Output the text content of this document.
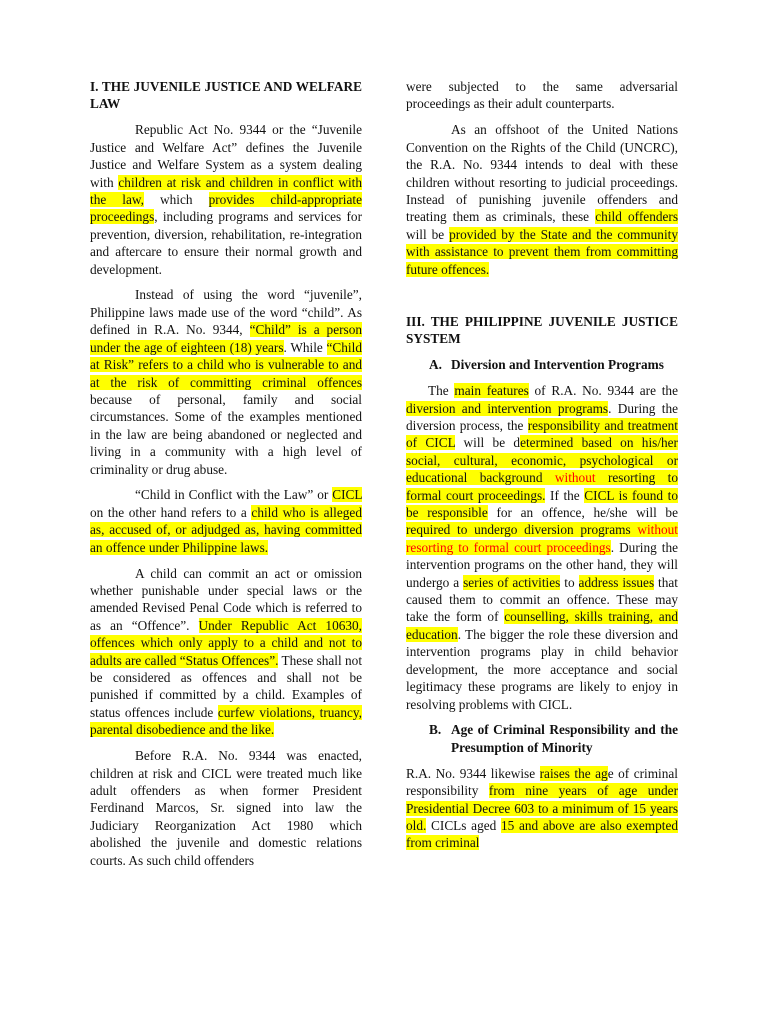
I. THE JUVENILE JUSTICE AND WELFARE LAW

Republic Act No. 9344 or the “Juvenile Justice and Welfare Act” defines the Juvenile Justice and Welfare System as a system dealing with children at risk and children in conflict with the law, which provides child-appropriate proceedings, including programs and services for prevention, diversion, rehabilitation, re-integration and aftercare to ensure their normal growth and development.

Instead of using the word “juvenile”, Philippine laws made use of the word “child”. As defined in R.A. No. 9344, “Child” is a person under the age of eighteen (18) years. While “Child at Risk” refers to a child who is vulnerable to and at the risk of committing criminal offences because of personal, family and social circumstances. Some of the examples mentioned in the law are being abandoned or neglected and living in a community with a high level of criminality or drug abuse.

“Child in Conflict with the Law” or CICL on the other hand refers to a child who is alleged as, accused of, or adjudged as, having committed an offence under Philippine laws.

A child can commit an act or omission whether punishable under special laws or the amended Revised Penal Code which is referred to as an “Offence”. Under Republic Act 10630, offences which only apply to a child and not to adults are called “Status Offences”. These shall not be considered as offences and shall not be punished if committed by a child. Examples of status offences include curfew violations, truancy, parental disobedience and the like.

Before R.A. No. 9344 was enacted, children at risk and CICL were treated much like adult offenders as when former President Ferdinand Marcos, Sr. signed into law the Judiciary Reorganization Act 1980 which abolished the juvenile and domestic relations courts. As such child offenders

were subjected to the same adversarial proceedings as their adult counterparts.

As an offshoot of the United Nations Convention on the Rights of the Child (UNCRC), the R.A. No. 9344 intends to deal with these children without resorting to judicial proceedings. Instead of punishing juvenile offenders and treating them as criminals, these child offenders will be provided by the State and the community with assistance to prevent them from committing future offences.

III. THE PHILIPPINE JUVENILE JUSTICE SYSTEM
A. Diversion and Intervention Programs

The main features of R.A. No. 9344 are the diversion and intervention programs. During the diversion process, the responsibility and treatment of CICL will be determined based on his/her social, cultural, economic, psychological or educational background without resorting to formal court proceedings. If the CICL is found to be responsible for an offence, he/she will be required to undergo diversion programs without resorting to formal court proceedings. During the intervention programs on the other hand, they will undergo a series of activities to address issues that caused them to commit an offence. These may take the form of counselling, skills training, and education. The bigger the role these diversion and intervention programs play in child behavior development, the more acceptance and social legitimacy these programs are likely to enjoy in resolving problems with CICL.

B. Age of Criminal Responsibility and the Presumption of Minority

R.A. No. 9344 likewise raises the age of criminal responsibility from nine years of age under Presidential Decree 603 to a minimum of 15 years old. CICLs aged 15 and above are also exempted from criminal
